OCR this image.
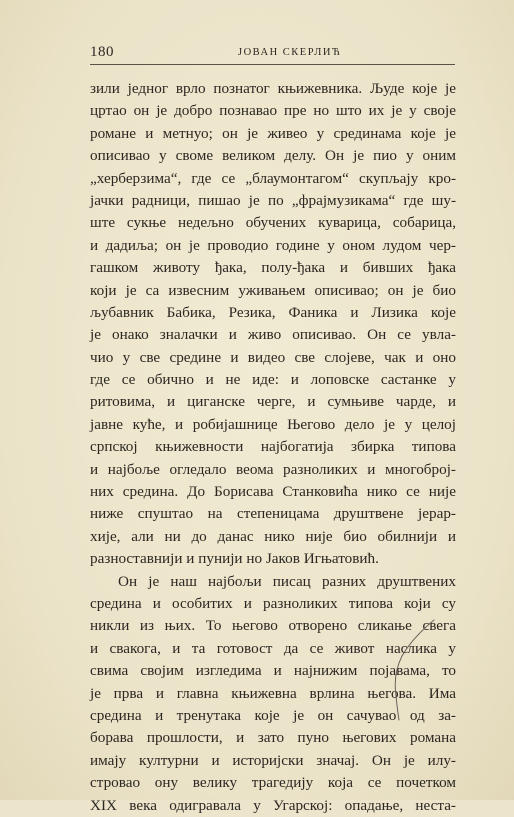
180	ЈОВАН СКЕРЛИЋ
зили једног врло познатог књижевника. Људе које је
цртао он је добро познавао пре но што их је у своје
романе и метнуо; он је живео у срединама које је
описивао у своме великом делу. Он је пио у оним
„херберзима“, где се „блаумонтагом“ скупљају кро-
јачки радници, пишао је по „фрајмузикама“ где шу-
ште сукње недељно обучених куварица, собарица,
и дадиља; он је проводио године у оном лудом чер-
гашком животу ђака, полу-ђака и бивших ђака
који је са извесним уживањем описивао; он је био
љубавник Бабика, Резика, Фаника и Лизика које
је онако зналачки и живо описивао. Он се увла-
чио у све средине и видео све слојеве, чак и оно
где се обично и не иде: и лоповске састанке у
ритовима, и циганске черге, и сумњиве чарде, и
јавне куће, и робијашнице Његово дело је у целој
српској књижевности најбогатија збирка типова
и најбоље огледало веома разноликих и многоброј-
них средина. До Борисава Станковића нико се није
ниже спуштао на степеницама друштвене јерар-
хије, али ни до данас нико није био обилнији и
разноставнији и пунији но Јаков Игњатовић.
Он је наш најбољи писац разних друштвених
средина и особитих и разноликих типова који су
никли из њих. То његово отворено сликање свега
и свакога, и та готовост да се живот наслика у
свима својим изгледима и најнижим појавама, то
је прва и главна књижевна врлина његова. Има
средина и тренутака које је он сачувао од за-
борава прошлости, и зато пуно његових романа
имају културни и историјски значај. Он је илу-
стровао ону велику трагедију која се почетком
XIX века одигравала у Угарској: опадање, неста-
